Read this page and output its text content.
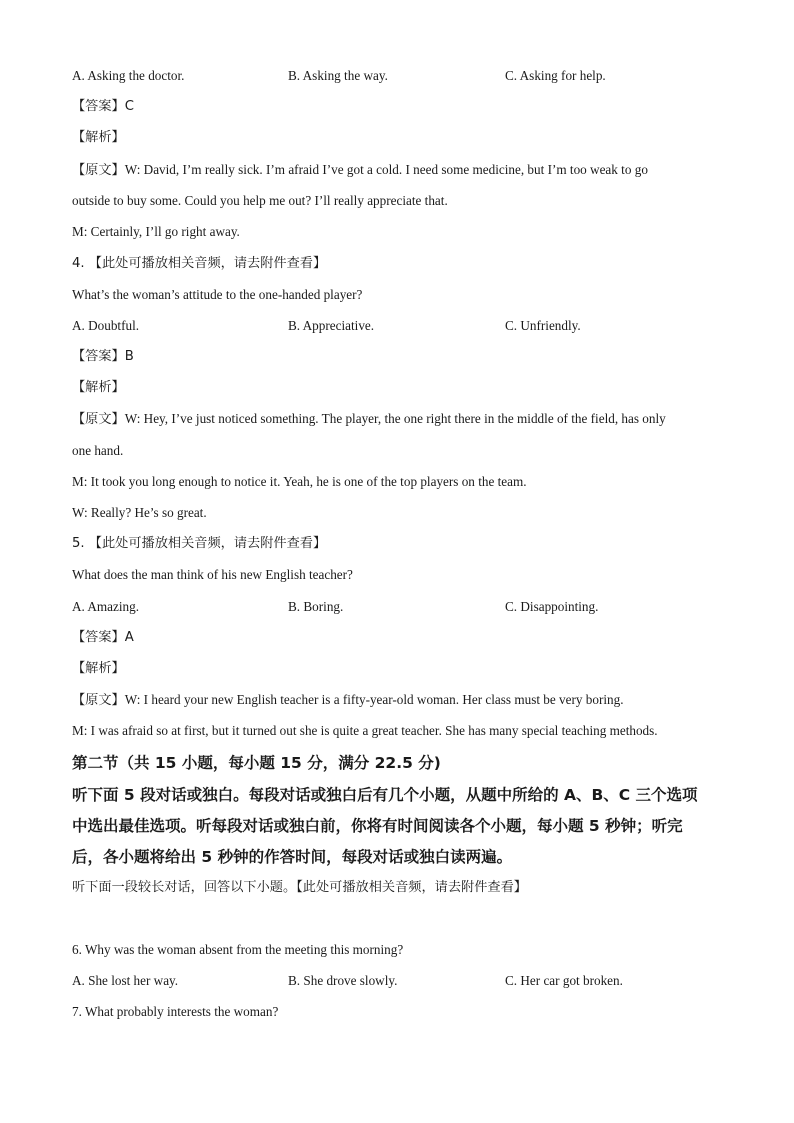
A. Asking the doctor.	B. Asking the way.	C. Asking for help.
【答案】C
【解析】
【原文】W: David, I’m really sick. I’m afraid I’ve got a cold. I need some medicine, but I’m too weak to go
outside to buy some. Could you help me out? I’ll really appreciate that.
M: Certainly, I’ll go right away.
4. 【此处可播放相关音频，请去附件查看】
What’s the woman’s attitude to the one-handed player?
A. Doubtful.	B. Appreciative.	C. Unfriendly.
【答案】B
【解析】
【原文】W: Hey, I’ve just noticed something. The player, the one right there in the middle of the field, has only
one hand.
M: It took you long enough to notice it. Yeah, he is one of the top players on the team.
W: Really? He’s so great.
5. 【此处可播放相关音频，请去附件查看】
What does the man think of his new English teacher?
A. Amazing.	B. Boring.	C. Disappointing.
【答案】A
【解析】
【原文】W: I heard your new English teacher is a fifty-year-old woman. Her class must be very boring.
M: I was afraid so at first, but it turned out she is quite a great teacher. She has many special teaching methods.
第二节（共 15 小题，每小题 15 分，满分 22.5 分)
听下面 5 段对话或独白。每段对话或独白后有几个小题，从题中所给的 A、B、C 三个选项
中选出最佳选项。听每段对话或独白前，你将有时间阅读各个小题，每小题 5 秒钟；听完
后，各小题将给出 5 秒钟的作答时间，每段对话或独白读两遍。
听下面一段较长对话，回答以下小题。【此处可播放相关音频，请去附件查看】
6. Why was the woman absent from the meeting this morning?
A. She lost her way.	B. She drove slowly.	C. Her car got broken.
7. What probably interests the woman?
